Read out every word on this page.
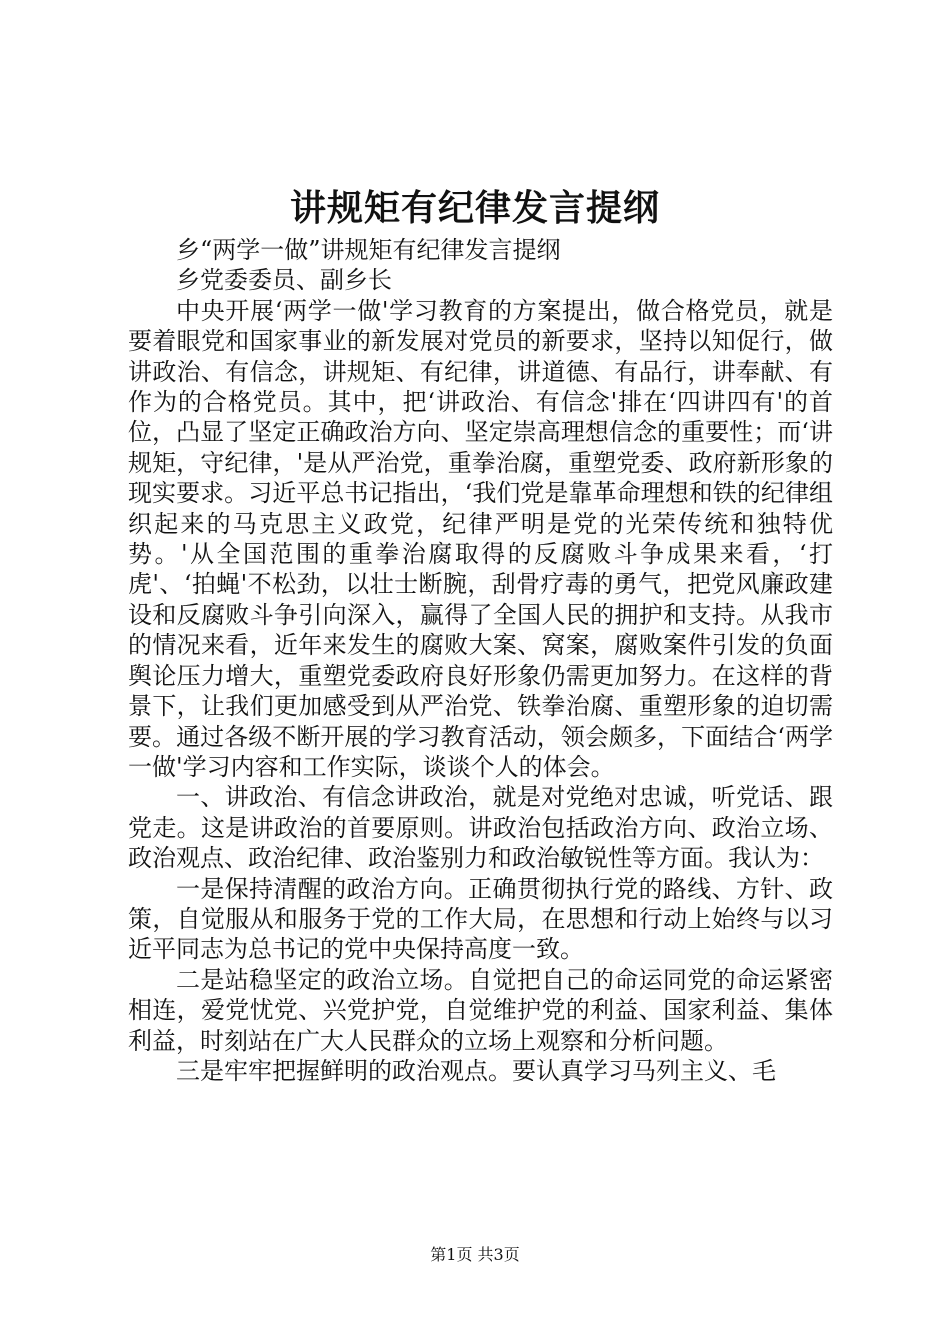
讲规矩有纪律发言提纲

乡“两学一做”讲规矩有纪律发言提纲

乡党委委员、副乡长

中央开展‘两学一做'学习教育的方案提出，做合格党员，就是要着眼党和国家事业的新发展对党员的新要求，坚持以知促行，做讲政治、有信念，讲规矩、有纪律，讲道德、有品行，讲奉献、有作为的合格党员。其中，把‘讲政治、有信念'排在‘四讲四有'的首位，凸显了坚定正确政治方向、坚定崇高理想信念的重要性；而‘讲规矩，守纪律，'是从严治党，重拳治腐，重塑党委、政府新形象的现实要求。习近平总书记指出，‘我们党是靠革命理想和铁的纪律组织起来的马克思主义政党，纪律严明是党的光荣传统和独特优势。'从全国范围的重拳治腐取得的反腐败斗争成果来看，‘打虎'、‘拍蝇'不松劲，以壮士断腕，刮骨疗毒的勇气，把党风廉政建设和反腐败斗争引向深入，赢得了全国人民的拥护和支持。从我市的情况来看，近年来发生的腐败大案、窝案，腐败案件引发的负面舆论压力增大，重塑党委政府良好形象仍需更加努力。在这样的背景下，让我们更加感受到从严治党、铁拳治腐、重塑形象的迫切需要。通过各级不断开展的学习教育活动，领会颇多，下面结合‘两学一做'学习内容和工作实际，谈谈个人的体会。

一、讲政治、有信念讲政治，就是对党绝对忠诚，听党话、跟党走。这是讲政治的首要原则。讲政治包括政治方向、政治立场、政治观点、政治纪律、政治鉴别力和政治敏锐性等方面。我认为：

一是保持清醒的政治方向。正确贯彻执行党的路线、方针、政策，自觉服从和服务于党的工作大局，在思想和行动上始终与以习近平同志为总书记的党中央保持高度一致。

二是站稳坚定的政治立场。自觉把自己的命运同党的命运紧密相连，爱党忧党、兴党护党，自觉维护党的利益、国家利益、集体利益，时刻站在广大人民群众的立场上观察和分析问题。

三是牢牢把握鲜明的政治观点。要认真学习马列主义、毛

第1页 共3页
